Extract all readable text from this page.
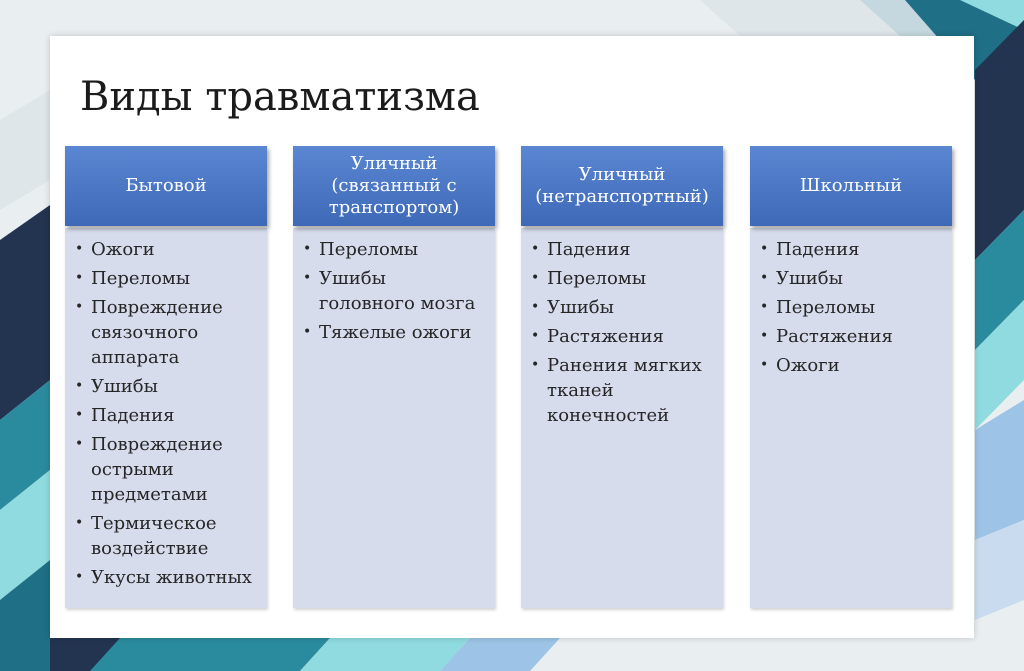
Виды травматизма
Бытовой
• Ожоги
• Переломы
• Повреждение связочного аппарата
• Ушибы
• Падения
• Повреждение острыми предметами
• Термическое воздействие
• Укусы животных
Уличный (связанный с транспортом)
• Переломы
• Ушибы головного мозга
• Тяжелые ожоги
Уличный (нетранспортный)
• Падения
• Переломы
• Ушибы
• Растяжения
• Ранения мягких тканей конечностей
Школьный
• Падения
• Ушибы
• Переломы
• Растяжения
• Ожоги
